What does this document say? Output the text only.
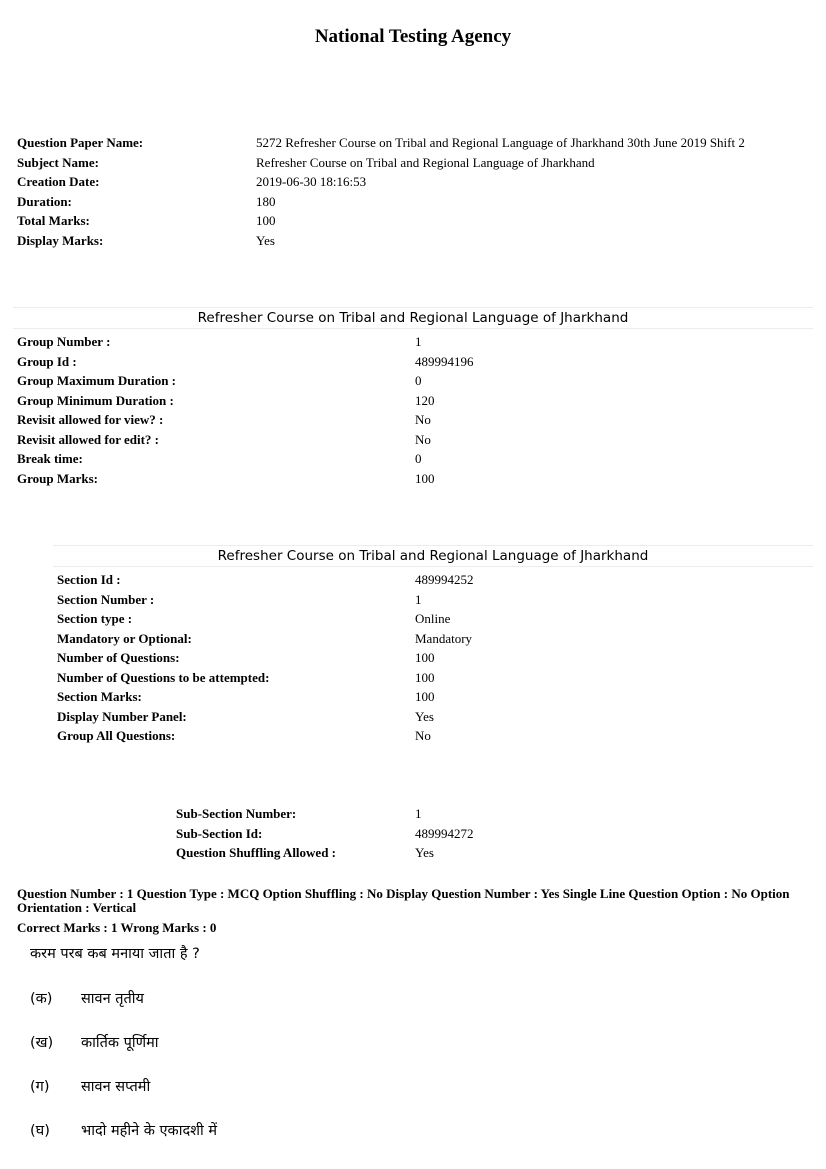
National Testing Agency
Question Paper Name:	5272 Refresher Course on Tribal and Regional Language of Jharkhand 30th June 2019 Shift 2
Subject Name:	Refresher Course on Tribal and Regional Language of Jharkhand
Creation Date:	2019-06-30 18:16:53
Duration:	180
Total Marks:	100
Display Marks:	Yes
Refresher Course on Tribal and Regional Language of Jharkhand
Group Number :	1
Group Id :	489994196
Group Maximum Duration :	0
Group Minimum Duration :	120
Revisit allowed for view? :	No
Revisit allowed for edit? :	No
Break time:	0
Group Marks:	100
Refresher Course on Tribal and Regional Language of Jharkhand
Section Id :	489994252
Section Number :	1
Section type :	Online
Mandatory or Optional:	Mandatory
Number of Questions:	100
Number of Questions to be attempted:	100
Section Marks:	100
Display Number Panel:	Yes
Group All Questions:	No
Sub-Section Number:	1
Sub-Section Id:	489994272
Question Shuffling Allowed :	Yes
Question Number : 1 Question Type : MCQ Option Shuffling : No Display Question Number : Yes Single Line Question Option : No Option Orientation : Vertical
Correct Marks : 1 Wrong Marks : 0
करम परब कब मनाया जाता है ?
(क)	सावन तृतीय
(ख)	कार्तिक पूर्णिमा
(ग)	सावन सप्तमी
(घ)	भादो महीने के एकादशी में
